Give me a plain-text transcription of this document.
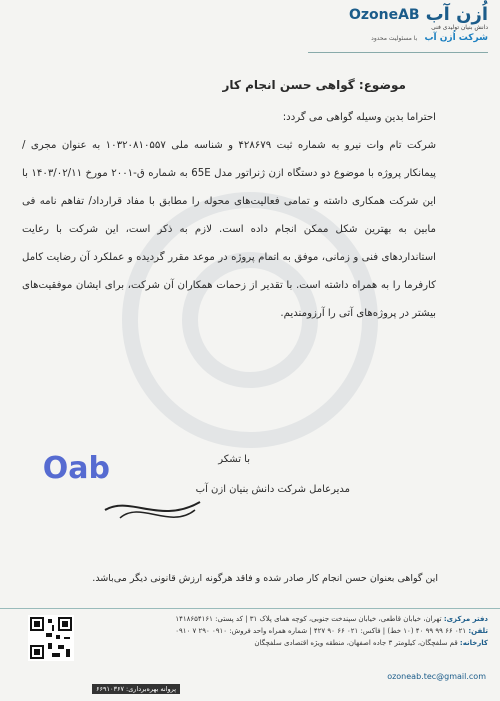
اُزن آب
OzoneAB
دانش بنیان تولیدی فنی
شرکت اُزن آب با مسئولیت محدود
موضوع: گواهی حسن انجام کار
احتراما بدین وسیله گواهی می گردد:

شرکت تام وات نیرو به شماره ثبت ۴۲۸۶۷۹ و شناسه ملی ۱۰۳۲۰۸۱۰۵۵۷ به عنوان مجری / پیمانکار پروژه با موضوع دو دستگاه ازن ژنراتور مدل 65E به شماره ق-۲۰۰۱ مورخ ۱۴۰۳/۰۲/۱۱ با این شرکت همکاری داشته و تمامی فعالیت‌های محوله را مطابق با مفاد قرارداد/ تفاهم نامه فی مابین به بهترین شکل ممکن انجام داده است. لازم به ذکر است، این شرکت با رعایت استانداردهای فنی و زمانی، موفق به اتمام پروژه در موعد مقرر گردیده و عملکرد آن رضایت کامل کارفرما را به همراه داشته است. با تقدیر از زحمات همکاران آن شرکت، برای ایشان موفقیت‌های بیشتر در پروژه‌های آتی را آرزومندیم.

با تشکر
مدیرعامل شرکت دانش بنیان ازن آب
Oab
این گواهی بعنوان حسن انجام کار صادر شده و فاقد هرگونه ارزش قانونی دیگر می‌باشد.
دفتر مرکزی: تهران، خیابان قاطعی، خیابان سپندخت جنوبی، کوچه همای پلاک ۳۱ | کد پستی: ۱۴۱۸۶۵۴۱۶۱
تلفن: ۰۲۱ ۶۶ ۹۹ ۹۹ ۴۰ (۱۰ خط) | فاکس: ۰۲۱ ۶۶ ۹۰ ۴۲۷ | شماره همراه واحد فروش: ۰۹۱۰ ۲۹۰ ۷ ۰۹۱۰
کارخانه: قم سلفچگان، کیلومتر ۳ جاده اصفهان، منطقه ویژه اقتصادی سلفچگان
پروانه بهره‌برداری: ۶۶۹۱۰۳۶۷
ozoneab.tec@gmail.com
